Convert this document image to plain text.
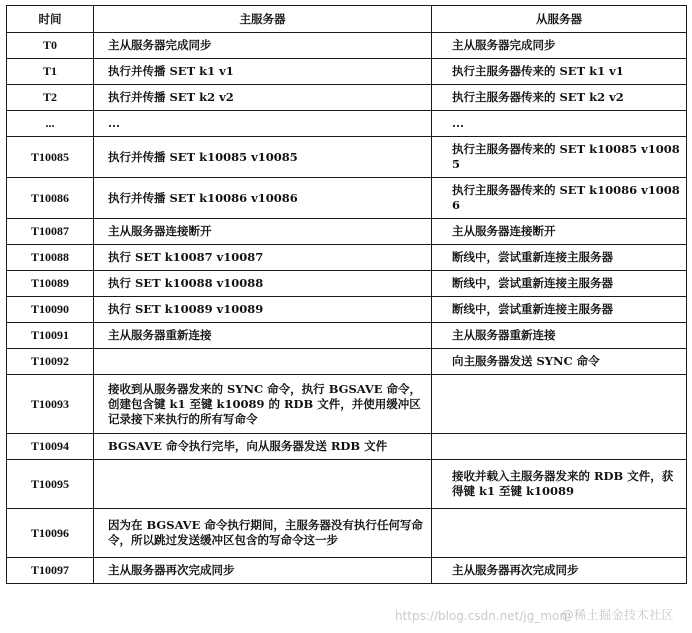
时间	主服务器	从服务器
T0	主从服务器完成同步	主从服务器完成同步
T1	执行并传播 SET k1 v1	执行主服务器传来的 SET k1 v1
T2	执行并传播 SET k2 v2	执行主服务器传来的 SET k2 v2
...	...	...
T10085	执行并传播 SET k10085 v10085	执行主服务器传来的 SET k10085 v10085
T10086	执行并传播 SET k10086 v10086	执行主服务器传来的 SET k10086 v10086
T10087	主从服务器连接断开	主从服务器连接断开
T10088	执行 SET k10087 v10087	断线中，尝试重新连接主服务器
T10089	执行 SET k10088 v10088	断线中，尝试重新连接主服务器
T10090	执行 SET k10089 v10089	断线中，尝试重新连接主服务器
T10091	主从服务器重新连接	主从服务器重新连接
T10092		向主服务器发送 SYNC 命令
T10093	接收到从服务器发来的 SYNC 命令，执行 BGSAVE 命令，创建包含键 k1 至键 k10089 的 RDB 文件，并使用缓冲区记录接下来执行的所有写命令	
T10094	BGSAVE 命令执行完毕，向从服务器发送 RDB 文件	
T10095		接收并载入主服务器发来的 RDB 文件，获得键 k1 至键 k10089
T10096	因为在 BGSAVE 命令执行期间，主服务器没有执行任何写命令，所以跳过发送缓冲区包含的写命令这一步	
T10097	主从服务器再次完成同步	主从服务器再次完成同步
https://blog.csdn.net/jg_mon
@稀土掘金技术社区
